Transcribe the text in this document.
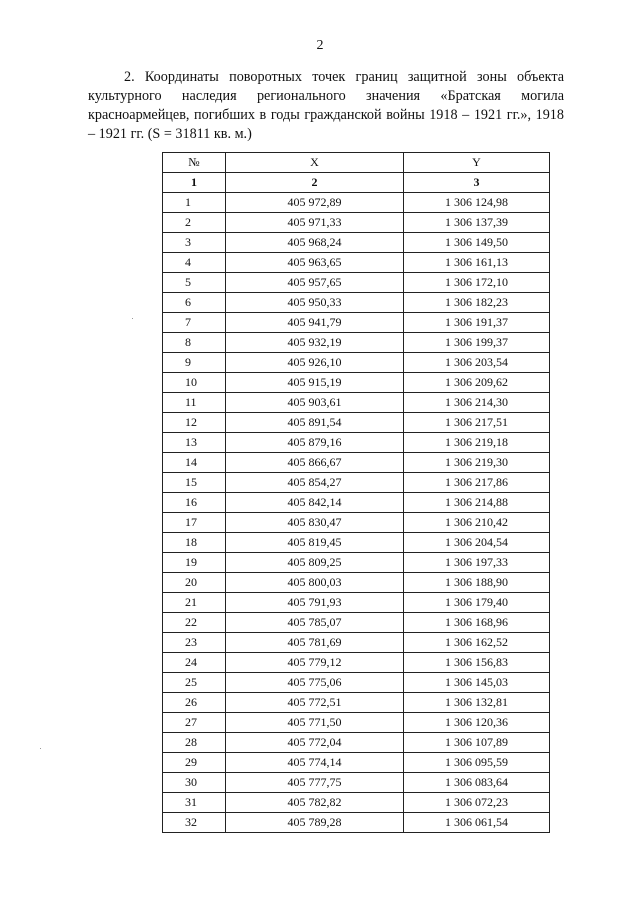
2

2. Координаты поворотных точек границ защитной зоны объекта культурного наследия регионального значения «Братская могила красноармейцев, погибших в годы гражданской войны 1918 – 1921 гг.», 1918 – 1921 гг. (S = 31811 кв. м.)

№	X	Y
1	2	3
1	405 972,89	1 306 124,98
2	405 971,33	1 306 137,39
3	405 968,24	1 306 149,50
4	405 963,65	1 306 161,13
5	405 957,65	1 306 172,10
6	405 950,33	1 306 182,23
7	405 941,79	1 306 191,37
8	405 932,19	1 306 199,37
9	405 926,10	1 306 203,54
10	405 915,19	1 306 209,62
11	405 903,61	1 306 214,30
12	405 891,54	1 306 217,51
13	405 879,16	1 306 219,18
14	405 866,67	1 306 219,30
15	405 854,27	1 306 217,86
16	405 842,14	1 306 214,88
17	405 830,47	1 306 210,42
18	405 819,45	1 306 204,54
19	405 809,25	1 306 197,33
20	405 800,03	1 306 188,90
21	405 791,93	1 306 179,40
22	405 785,07	1 306 168,96
23	405 781,69	1 306 162,52
24	405 779,12	1 306 156,83
25	405 775,06	1 306 145,03
26	405 772,51	1 306 132,81
27	405 771,50	1 306 120,36
28	405 772,04	1 306 107,89
29	405 774,14	1 306 095,59
30	405 777,75	1 306 083,64
31	405 782,82	1 306 072,23
32	405 789,28	1 306 061,54
